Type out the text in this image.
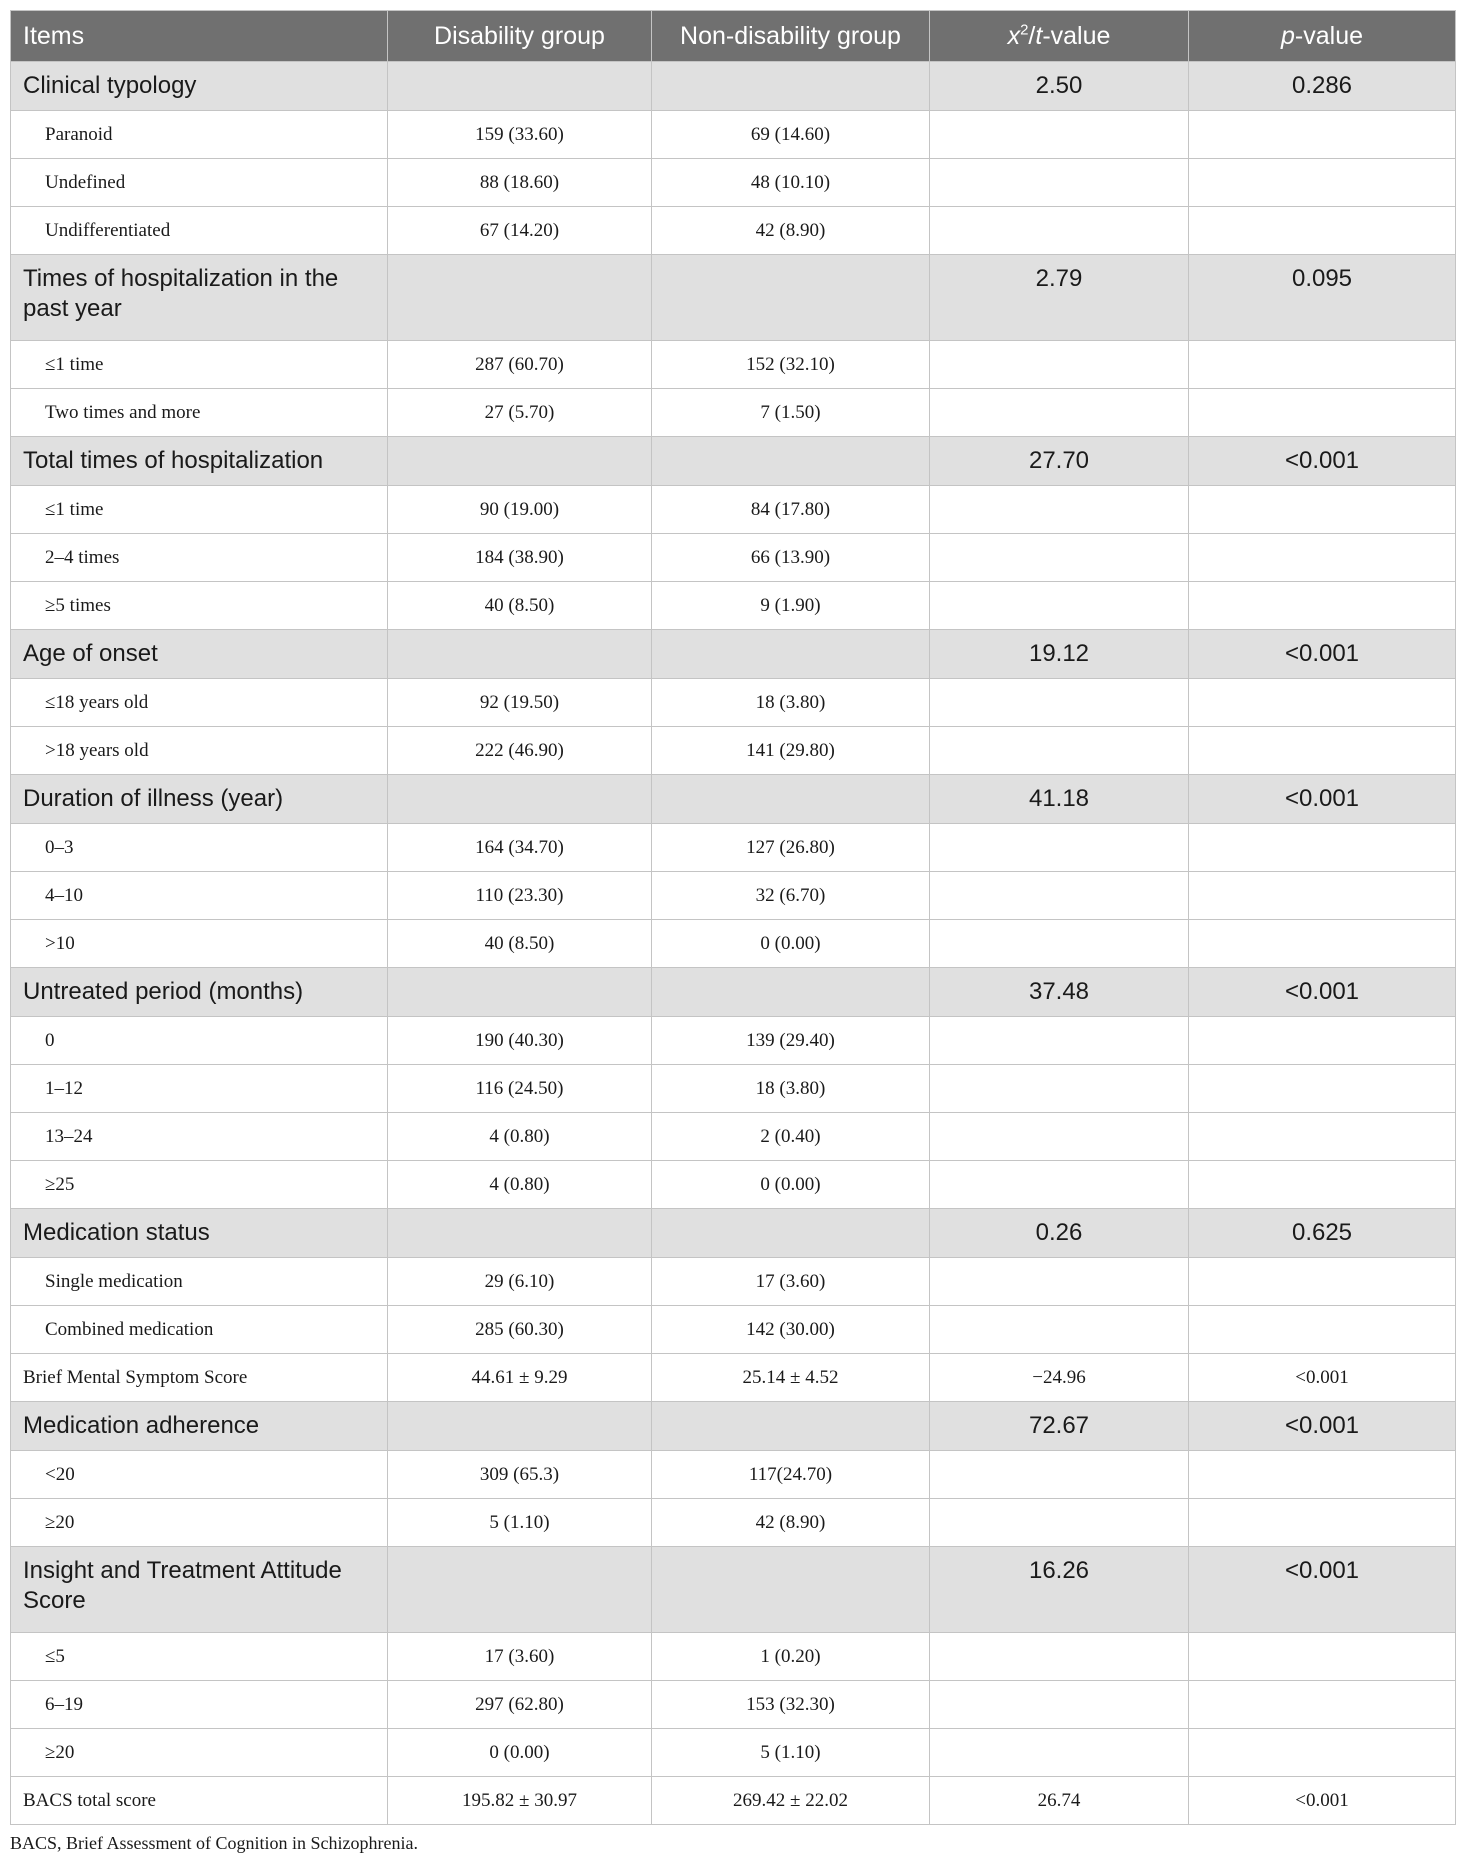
Items	Disability group	Non-disability group	$x^2/t$-value	p-value
Clinical typology			2.50	0.286
Paranoid	159 (33.60)	69 (14.60)		
Undefined	88 (18.60)	48 (10.10)		
Undifferentiated	67 (14.20)	42 (8.90)		
Times of hospitalization in the past year			2.79	0.095
≤1 time	287 (60.70)	152 (32.10)		
Two times and more	27 (5.70)	7 (1.50)		
Total times of hospitalization			27.70	<0.001
≤1 time	90 (19.00)	84 (17.80)		
2–4 times	184 (38.90)	66 (13.90)		
≥5 times	40 (8.50)	9 (1.90)		
Age of onset			19.12	<0.001
≤18 years old	92 (19.50)	18 (3.80)		
>18 years old	222 (46.90)	141 (29.80)		
Duration of illness (year)			41.18	<0.001
0–3	164 (34.70)	127 (26.80)		
4–10	110 (23.30)	32 (6.70)		
>10	40 (8.50)	0 (0.00)		
Untreated period (months)			37.48	<0.001
0	190 (40.30)	139 (29.40)		
1–12	116 (24.50)	18 (3.80)		
13–24	4 (0.80)	2 (0.40)		
≥25	4 (0.80)	0 (0.00)		
Medication status			0.26	0.625
Single medication	29 (6.10)	17 (3.60)		
Combined medication	285 (60.30)	142 (30.00)		
Brief Mental Symptom Score	44.61 ± 9.29	25.14 ± 4.52	−24.96	<0.001
Medication adherence			72.67	<0.001
<20	309 (65.3)	117(24.70)		
≥20	5 (1.10)	42 (8.90)		
Insight and Treatment Attitude Score			16.26	<0.001
≤5	17 (3.60)	1 (0.20)		
6–19	297 (62.80)	153 (32.30)		
≥20	0 (0.00)	5 (1.10)		
BACS total score	195.82 ± 30.97	269.42 ± 22.02	26.74	<0.001
BACS, Brief Assessment of Cognition in Schizophrenia.
